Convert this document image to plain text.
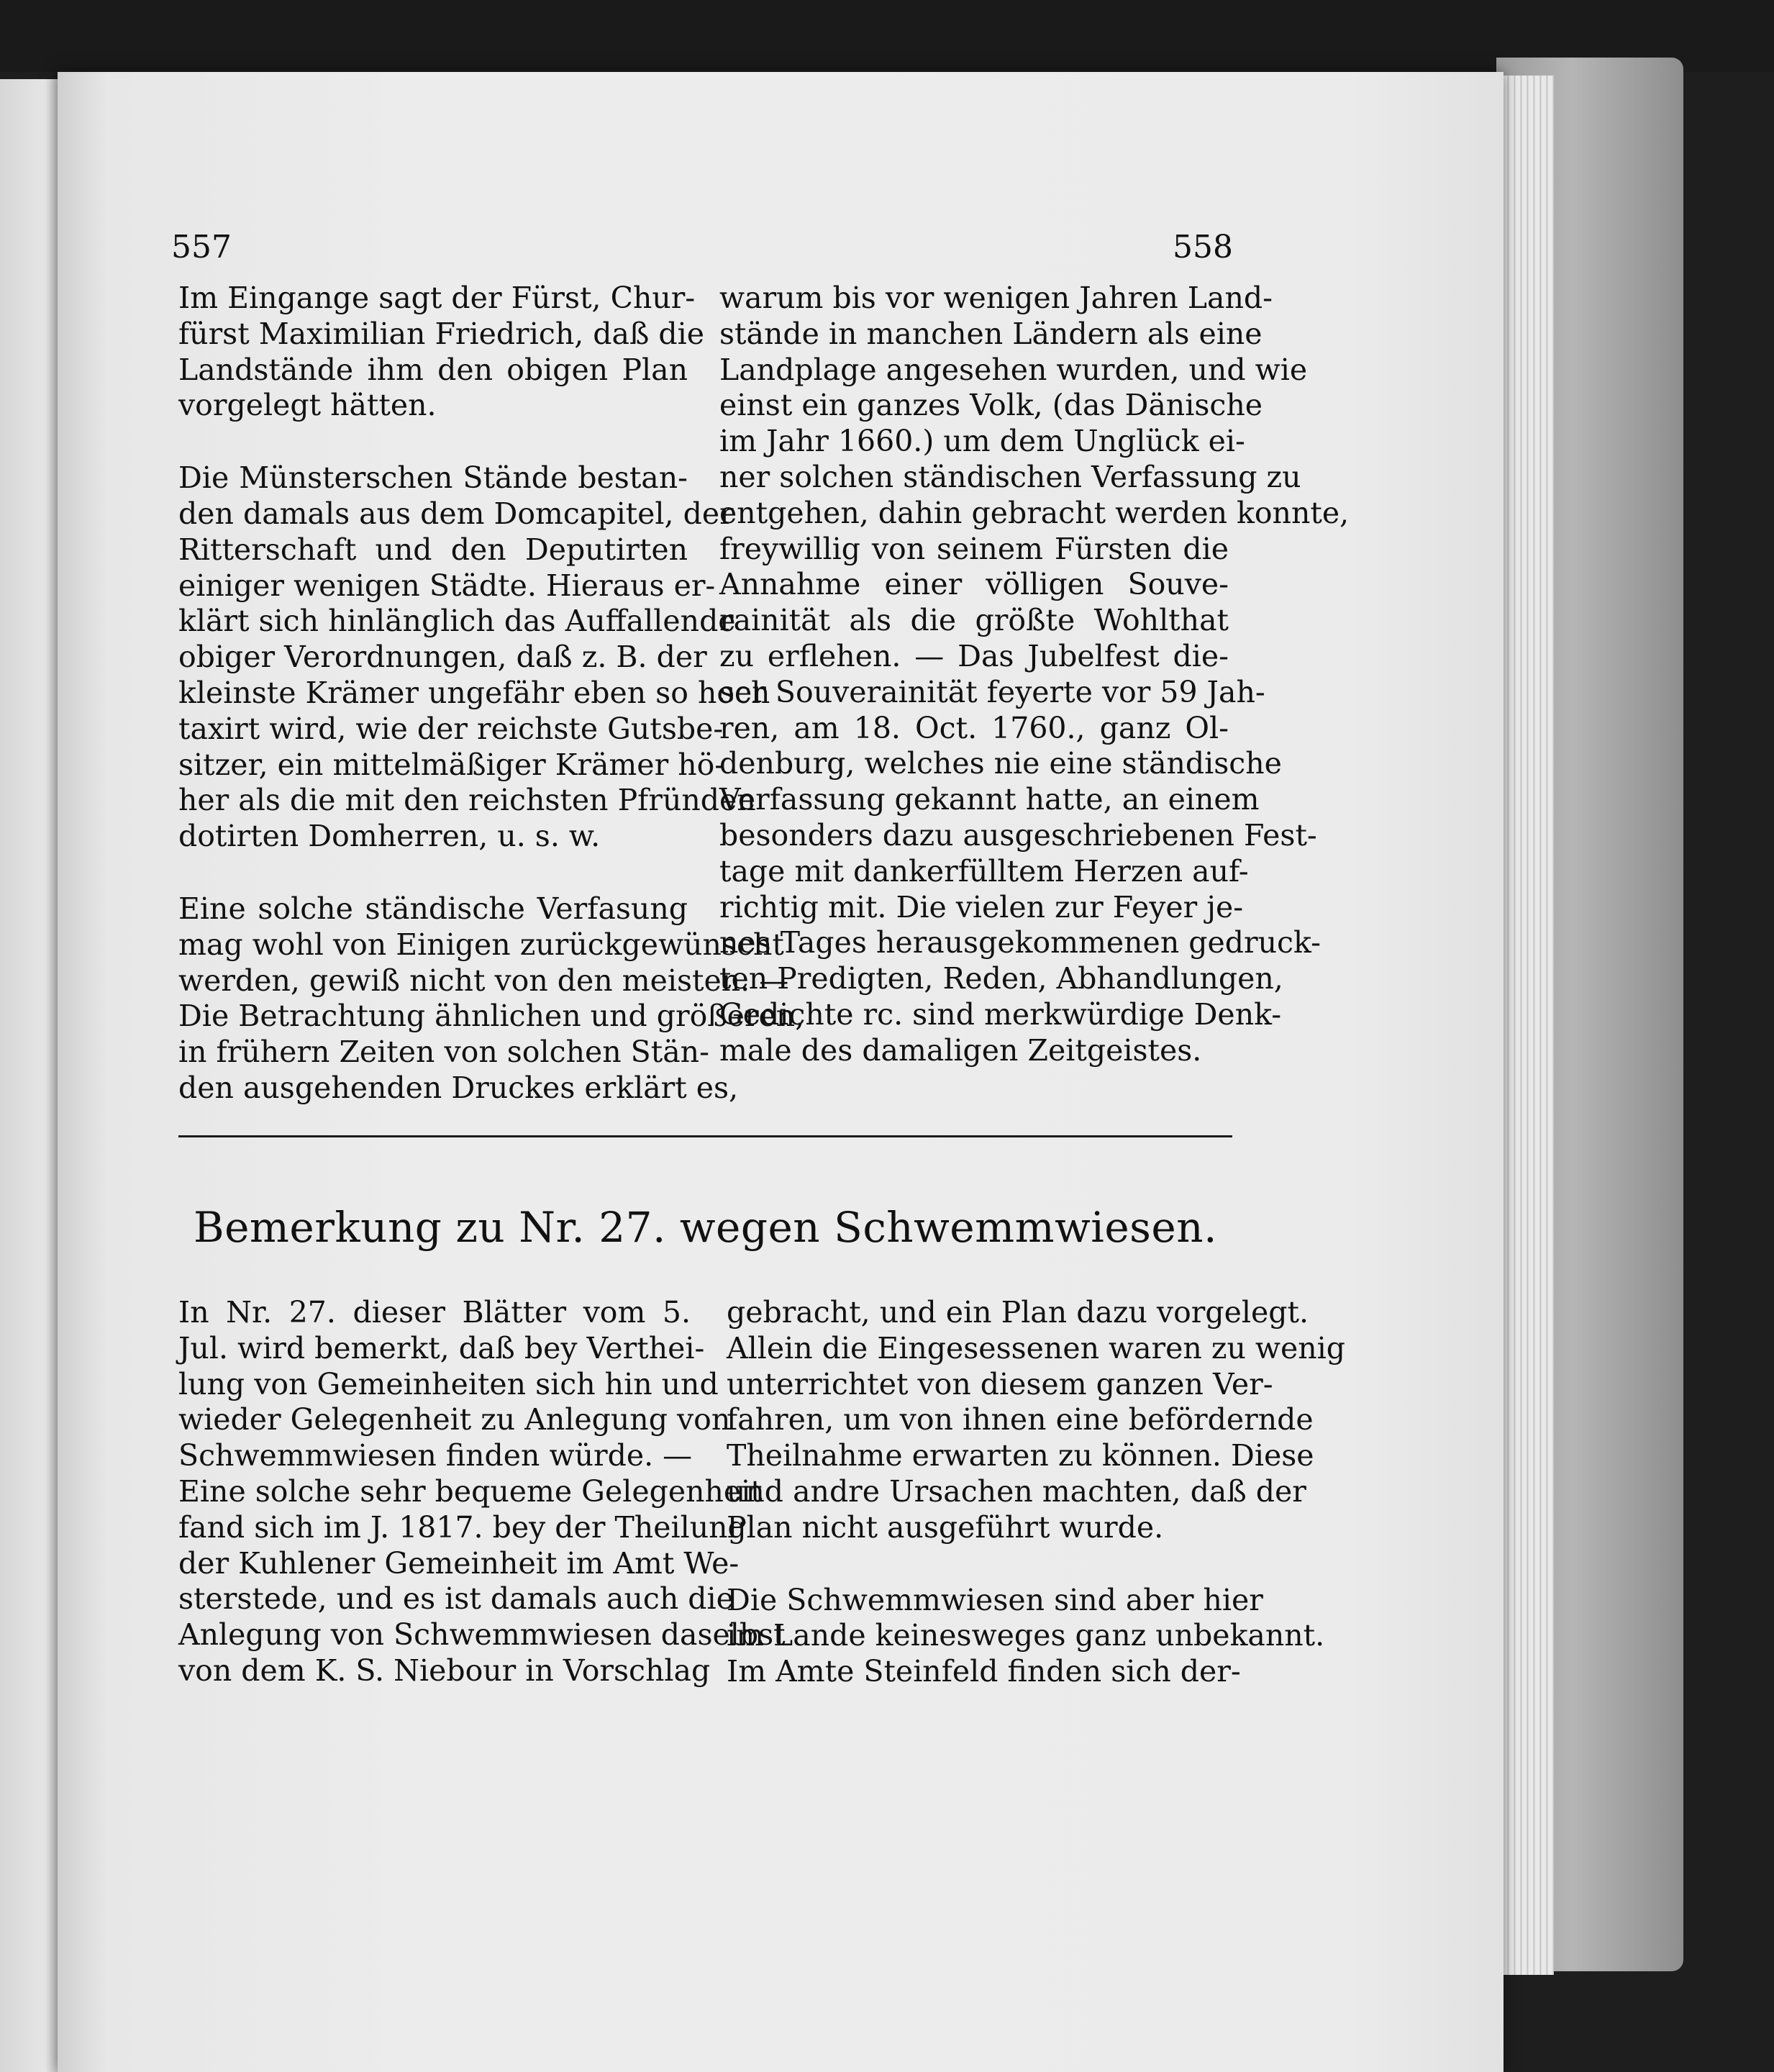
557	558
Im Eingange sagt der Fürst, Chur-
fürst Maximilian Friedrich, daß die
Landstände ihm den obigen Plan
vorgelegt hätten.
Die Münsterschen Stände bestan-
den damals aus dem Domcapitel, der
Ritterschaft und den Deputirten
einiger wenigen Städte. Hieraus er-
klärt sich hinlänglich das Auffallende
obiger Verordnungen, daß z. B. der
kleinste Krämer ungefähr eben so hoch
taxirt wird, wie der reichste Gutsbe-
sitzer, ein mittelmäßiger Krämer hö-
her als die mit den reichsten Pfründen
dotirten Domherren, u. s. w.
Eine solche ständische Verfasung
mag wohl von Einigen zurückgewünscht
werden, gewiß nicht von den meisten. —
Die Betrachtung ähnlichen und größeren,
in frühern Zeiten von solchen Stän-
den ausgehenden Druckes erklärt es,
warum bis vor wenigen Jahren Land-
stände in manchen Ländern als eine
Landplage angesehen wurden, und wie
einst ein ganzes Volk, (das Dänische
im Jahr 1660.) um dem Unglück ei-
ner solchen ständischen Verfassung zu
entgehen, dahin gebracht werden konnte,
freywillig von seinem Fürsten die
Annahme einer völligen Souve-
rainität als die größte Wohlthat
zu erflehen. — Das Jubelfest die-
ser Souverainität feyerte vor 59 Jah-
ren, am 18. Oct. 1760., ganz Ol-
denburg, welches nie eine ständische
Verfassung gekannt hatte, an einem
besonders dazu ausgeschriebenen Fest-
tage mit dankerfülltem Herzen auf-
richtig mit. Die vielen zur Feyer je-
nes Tages herausgekommenen gedruck-
ten Predigten, Reden, Abhandlungen,
Gedichte rc. sind merkwürdige Denk-
male des damaligen Zeitgeistes.
Bemerkung zu Nr. 27. wegen Schwemmwiesen.
In Nr. 27. dieser Blätter vom 5.
Jul. wird bemerkt, daß bey Verthei-
lung von Gemeinheiten sich hin und
wieder Gelegenheit zu Anlegung von
Schwemmwiesen finden würde. —
Eine solche sehr bequeme Gelegenheit
fand sich im J. 1817. bey der Theilung
der Kuhlener Gemeinheit im Amt We-
sterstede, und es ist damals auch die
Anlegung von Schwemmwiesen daselbst
von dem K. S. Niebour in Vorschlag
gebracht, und ein Plan dazu vorgelegt.
Allein die Eingesessenen waren zu wenig
unterrichtet von diesem ganzen Ver-
fahren, um von ihnen eine befördernde
Theilnahme erwarten zu können. Diese
und andre Ursachen machten, daß der
Plan nicht ausgeführt wurde.
Die Schwemmwiesen sind aber hier
im Lande keinesweges ganz unbekannt.
Im Amte Steinfeld finden sich der-
